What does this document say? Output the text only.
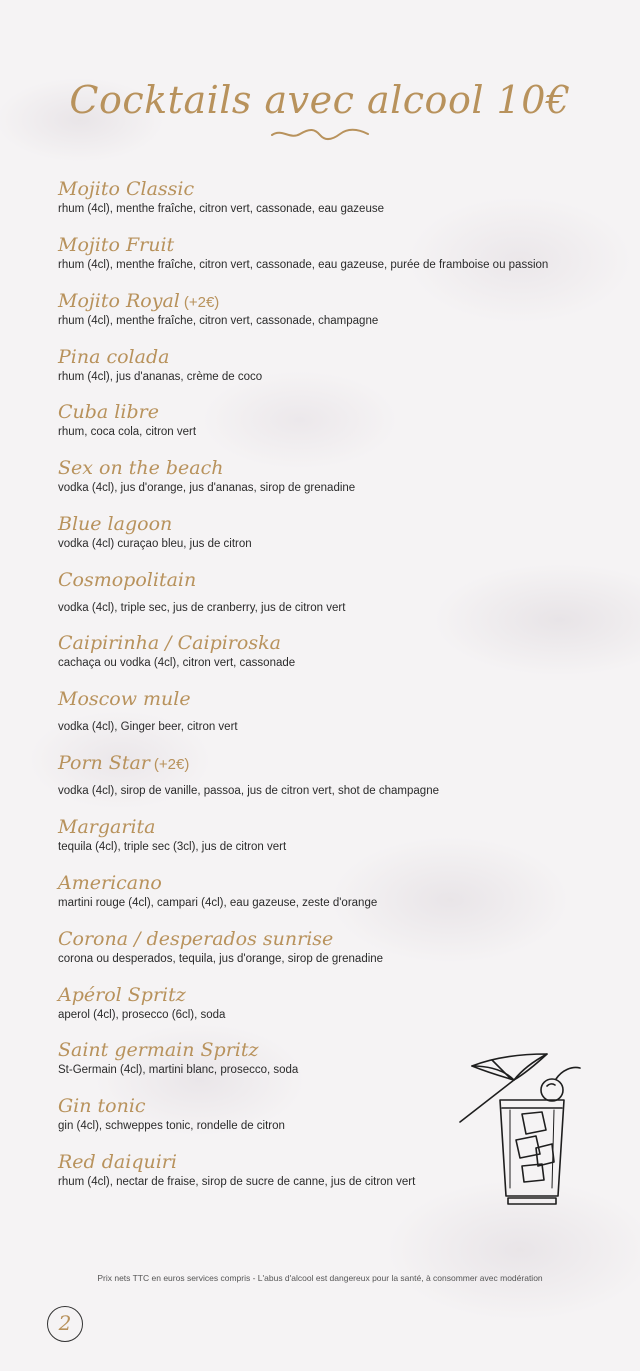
Cocktails avec alcool 10€
Mojito Classic
rhum (4cl), menthe fraîche, citron vert, cassonade, eau gazeuse
Mojito Fruit
rhum (4cl), menthe fraîche, citron vert, cassonade, eau gazeuse, purée de framboise ou passion
Mojito Royal (+2€)
rhum (4cl), menthe fraîche, citron vert, cassonade, champagne
Pina colada
rhum (4cl), jus d'ananas, crème de coco
Cuba libre
rhum, coca cola, citron vert
Sex on the beach
vodka (4cl), jus d'orange, jus d'ananas, sirop de grenadine
Blue lagoon
vodka (4cl) curaçao bleu, jus de citron
Cosmopolitain
vodka (4cl), triple sec, jus de cranberry, jus de citron vert
Caipirinha / Caipiroska
cachaça ou vodka (4cl), citron vert, cassonade
Moscow mule
vodka (4cl), Ginger beer, citron vert
Porn Star (+2€)
vodka (4cl), sirop de vanille, passoa, jus de citron vert, shot de champagne
Margarita
tequila (4cl), triple sec (3cl), jus de citron vert
Americano
martini rouge (4cl), campari (4cl), eau gazeuse, zeste d'orange
Corona / desperados sunrise
corona ou desperados, tequila, jus d'orange, sirop de grenadine
Apérol Spritz
aperol (4cl), prosecco (6cl), soda
Saint germain Spritz
St-Germain (4cl), martini blanc, prosecco, soda
Gin tonic
gin (4cl), schweppes tonic, rondelle de citron
Red daiquiri
rhum (4cl), nectar de fraise, sirop de sucre de canne, jus de citron vert
Prix nets TTC en euros services compris - L'abus d'alcool est dangereux pour la santé, à consommer avec modération
2
